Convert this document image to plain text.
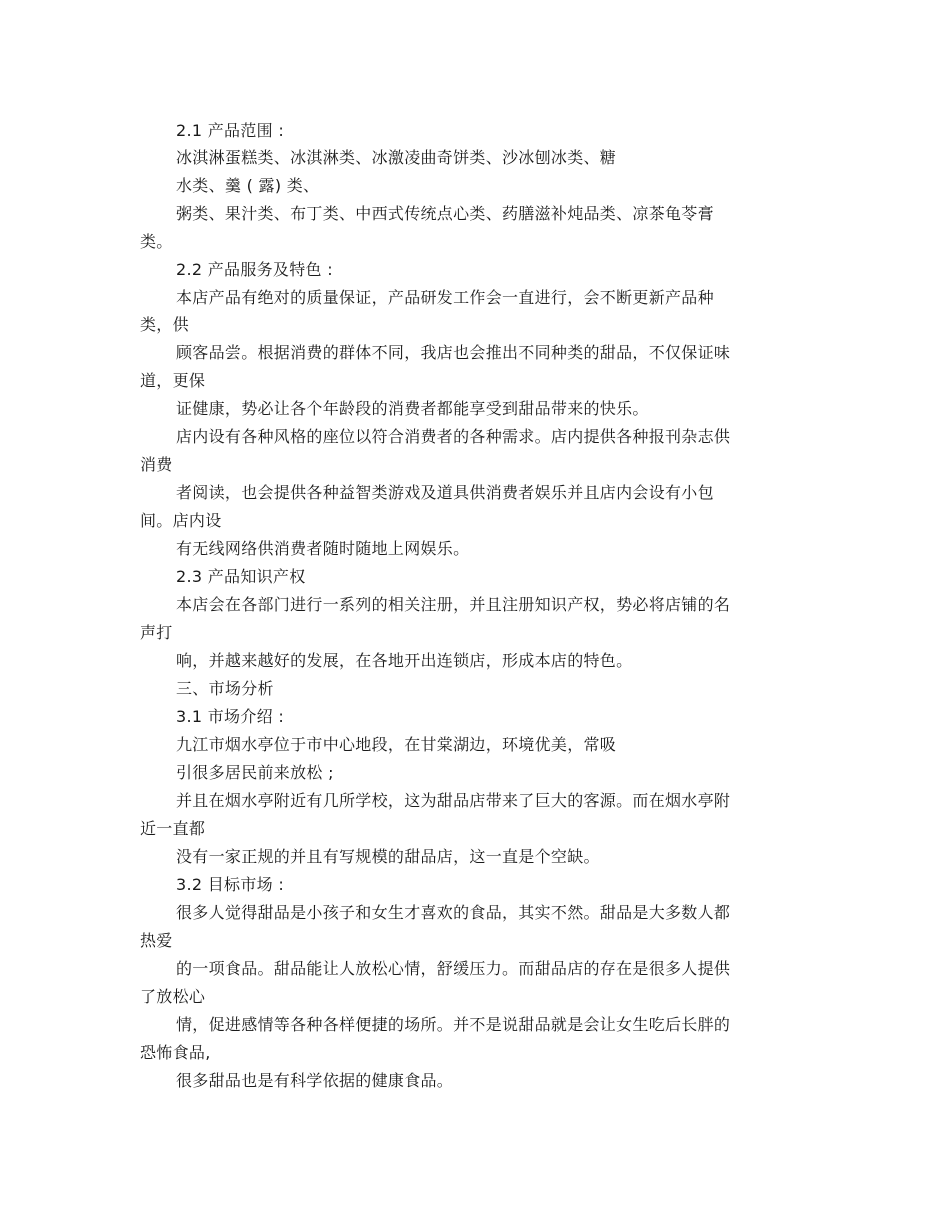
2.1 产品范围 :
冰淇淋蛋糕类、冰淇淋类、冰激凌曲奇饼类、沙冰刨冰类、糖
水类、羹 ( 露) 类、
粥类、果汁类、布丁类、中西式传统点心类、药膳滋补炖品类、凉茶龟苓膏
类。
2.2 产品服务及特色 :
本店产品有绝对的质量保证，产品研发工作会一直进行，会不断更新产品种
类，供
顾客品尝。根据消费的群体不同，我店也会推出不同种类的甜品，不仅保证味
道，更保
证健康，势必让各个年龄段的消费者都能享受到甜品带来的快乐。
店内设有各种风格的座位以符合消费者的各种需求。店内提供各种报刊杂志供
消费
者阅读，也会提供各种益智类游戏及道具供消费者娱乐并且店内会设有小包
间。店内设
有无线网络供消费者随时随地上网娱乐。
2.3 产品知识产权
本店会在各部门进行一系列的相关注册，并且注册知识产权，势必将店铺的名
声打
响，并越来越好的发展，在各地开出连锁店，形成本店的特色。
三、市场分析
3.1 市场介绍 :
九江市烟水亭位于市中心地段，在甘棠湖边，环境优美，常吸
引很多居民前来放松 ;
并且在烟水亭附近有几所学校，这为甜品店带来了巨大的客源。而在烟水亭附
近一直都
没有一家正规的并且有写规模的甜品店，这一直是个空缺。
3.2 目标市场 :
很多人觉得甜品是小孩子和女生才喜欢的食品，其实不然。甜品是大多数人都
热爱
的一项食品。甜品能让人放松心情，舒缓压力。而甜品店的存在是很多人提供
了放松心
情，促进感情等各种各样便捷的场所。并不是说甜品就是会让女生吃后长胖的
恐怖食品,
很多甜品也是有科学依据的健康食品。
